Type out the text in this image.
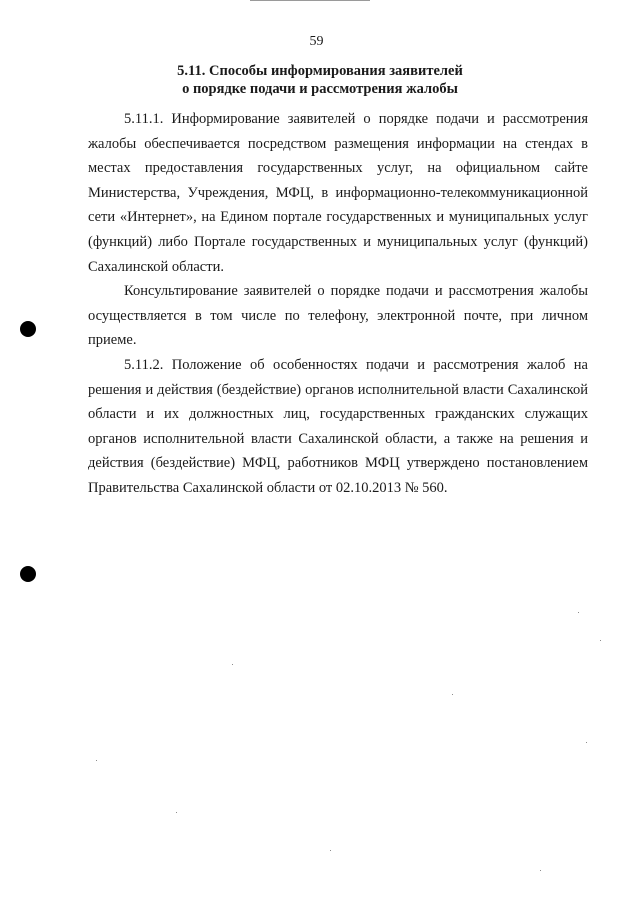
59
5.11. Способы информирования заявителей
о порядке подачи и рассмотрения жалобы

5.11.1. Информирование заявителей о порядке подачи и рассмотрения жалобы обеспечивается посредством размещения информации на стендах в местах предоставления государственных услуг, на официальном сайте Министерства, Учреждения, МФЦ, в информационно-телекоммуникационной сети «Интернет», на Едином портале государственных и муниципальных услуг (функций) либо Портале государственных и муниципальных услуг (функций) Сахалинской области.

Консультирование заявителей о порядке подачи и рассмотрения жалобы осуществляется в том числе по телефону, электронной почте, при личном приеме.

5.11.2. Положение об особенностях подачи и рассмотрения жалоб на решения и действия (бездействие) органов исполнительной власти Сахалинской области и их должностных лиц, государственных гражданских служащих органов исполнительной власти Сахалинской области, а также на решения и действия (бездействие) МФЦ, работников МФЦ утверждено постановлением Правительства Сахалинской области от 02.10.2013 № 560.
